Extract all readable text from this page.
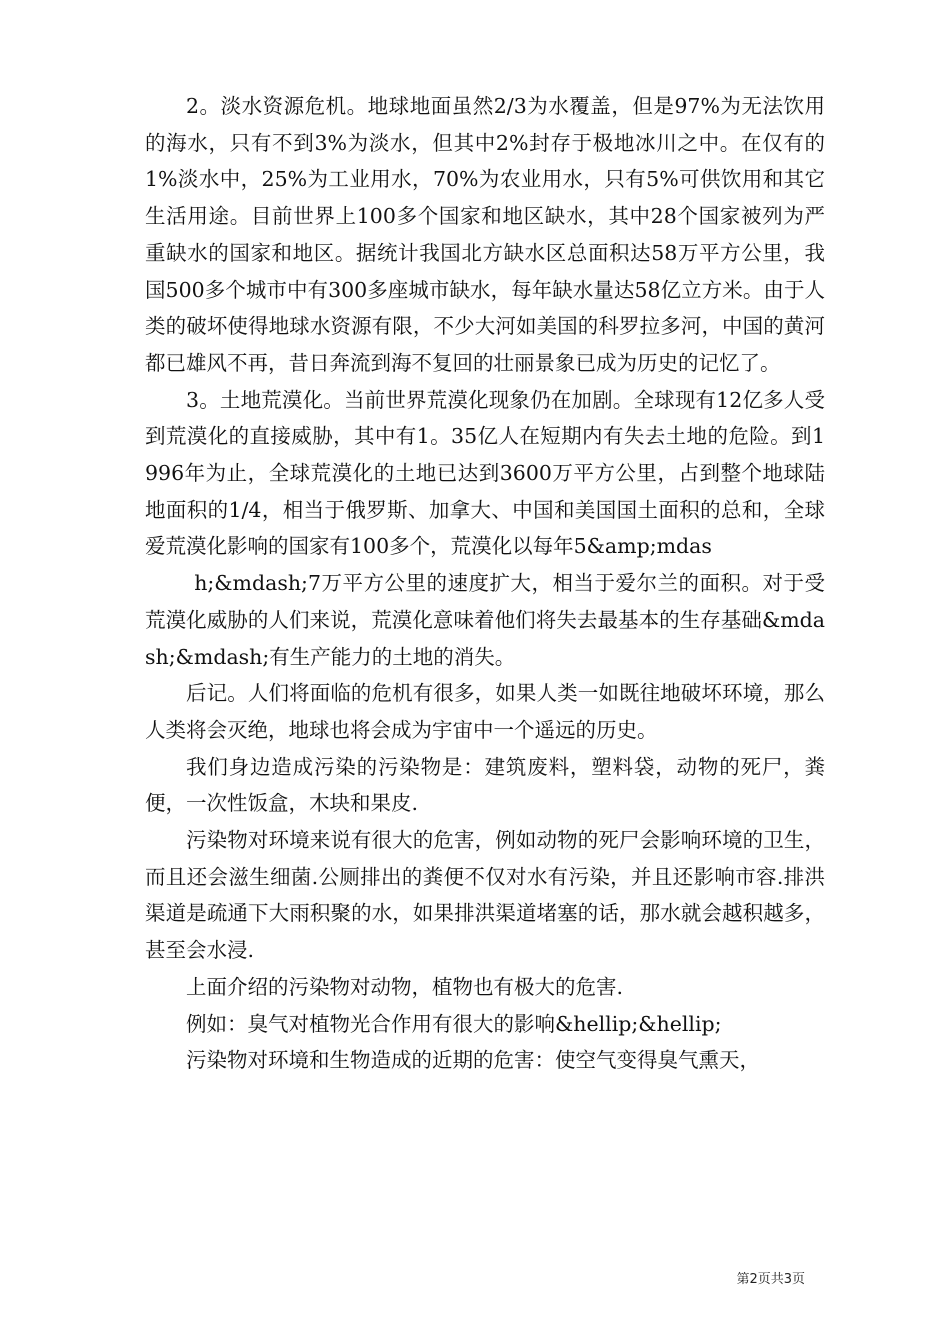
2。淡水资源危机。地球地面虽然2/3为水覆盖，但是97%为无法饮用的海水，只有不到3%为淡水，但其中2%封存于极地冰川之中。在仅有的1%淡水中，25%为工业用水，70%为农业用水，只有5%可供饮用和其它生活用途。目前世界上100多个国家和地区缺水，其中28个国家被列为严重缺水的国家和地区。据统计我国北方缺水区总面积达58万平方公里，我国500多个城市中有300多座城市缺水，每年缺水量达58亿立方米。由于人类的破坏使得地球水资源有限，不少大河如美国的科罗拉多河，中国的黄河都已雄风不再，昔日奔流到海不复回的壮丽景象已成为历史的记忆了。

3。土地荒漠化。当前世界荒漠化现象仍在加剧。全球现有12亿多人受到荒漠化的直接威胁，其中有1。35亿人在短期内有失去土地的危险。到1996年为止，全球荒漠化的土地已达到3600万平方公里，占到整个地球陆地面积的1/4，相当于俄罗斯、加拿大、中国和美国国土面积的总和，全球爱荒漠化影响的国家有100多个，荒漠化以每年5&amp;mdas

h;&mdash;7万平方公里的速度扩大，相当于爱尔兰的面积。对于受荒漠化威胁的人们来说，荒漠化意味着他们将失去最基本的生存基础&mdash;&mdash;有生产能力的土地的消失。

后记。人们将面临的危机有很多，如果人类一如既往地破坏环境，那么人类将会灭绝，地球也将会成为宇宙中一个遥远的历史。

我们身边造成污染的污染物是：建筑废料，塑料袋，动物的死尸，粪便，一次性饭盒，木块和果皮.

污染物对环境来说有很大的危害，例如动物的死尸会影响环境的卫生，而且还会滋生细菌.公厕排出的粪便不仅对水有污染，并且还影响市容.排洪渠道是疏通下大雨积聚的水，如果排洪渠道堵塞的话，那水就会越积越多，甚至会水浸.

上面介绍的污染物对动物，植物也有极大的危害.

例如：臭气对植物光合作用有很大的影响&hellip;&hellip;

污染物对环境和生物造成的近期的危害：使空气变得臭气熏天，

第2页共3页
